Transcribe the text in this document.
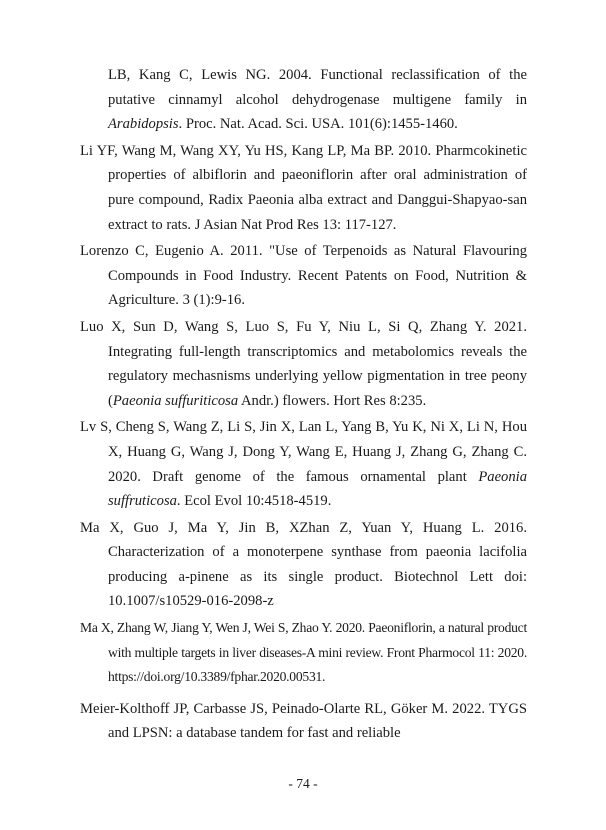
LB, Kang C, Lewis NG. 2004. Functional reclassification of the putative cinnamyl alcohol dehydrogenase multigene family in Arabidopsis. Proc. Nat. Acad. Sci. USA. 101(6):1455-1460.

Li YF, Wang M, Wang XY, Yu HS, Kang LP, Ma BP. 2010. Pharmcokinetic properties of albiflorin and paeoniflorin after oral administration of pure compound, Radix Paeonia alba extract and Danggui-Shapyao-san extract to rats. J Asian Nat Prod Res 13: 117-127.

Lorenzo C, Eugenio A. 2011. "Use of Terpenoids as Natural Flavouring Compounds in Food Industry. Recent Patents on Food, Nutrition & Agriculture. 3 (1):9-16.

Luo X, Sun D, Wang S, Luo S, Fu Y, Niu L, Si Q, Zhang Y. 2021. Integrating full-length transcriptomics and metabolomics reveals the regulatory mechasnisms underlying yellow pigmentation in tree peony (Paeonia suffuriticosa Andr.) flowers. Hort Res 8:235.

Lv S, Cheng S, Wang Z, Li S, Jin X, Lan L, Yang B, Yu K, Ni X, Li N, Hou X, Huang G, Wang J, Dong Y, Wang E, Huang J, Zhang G, Zhang C. 2020. Draft genome of the famous ornamental plant Paeonia suffruticosa. Ecol Evol 10:4518-4519.

Ma X, Guo J, Ma Y, Jin B, XZhan Z, Yuan Y, Huang L. 2016. Characterization of a monoterpene synthase from paeonia lacifolia producing a-pinene as its single product. Biotechnol Lett doi: 10.1007/s10529-016-2098-z

Ma X, Zhang W, Jiang Y, Wen J, Wei S, Zhao Y. 2020. Paeoniflorin, a natural product with multiple targets in liver diseases-A mini review. Front Pharmocol 11: 2020. https://doi.org/10.3389/fphar.2020.00531.

Meier-Kolthoff JP, Carbasse JS, Peinado-Olarte RL, Göker M. 2022. TYGS and LPSN: a database tandem for fast and reliable

- 74 -
